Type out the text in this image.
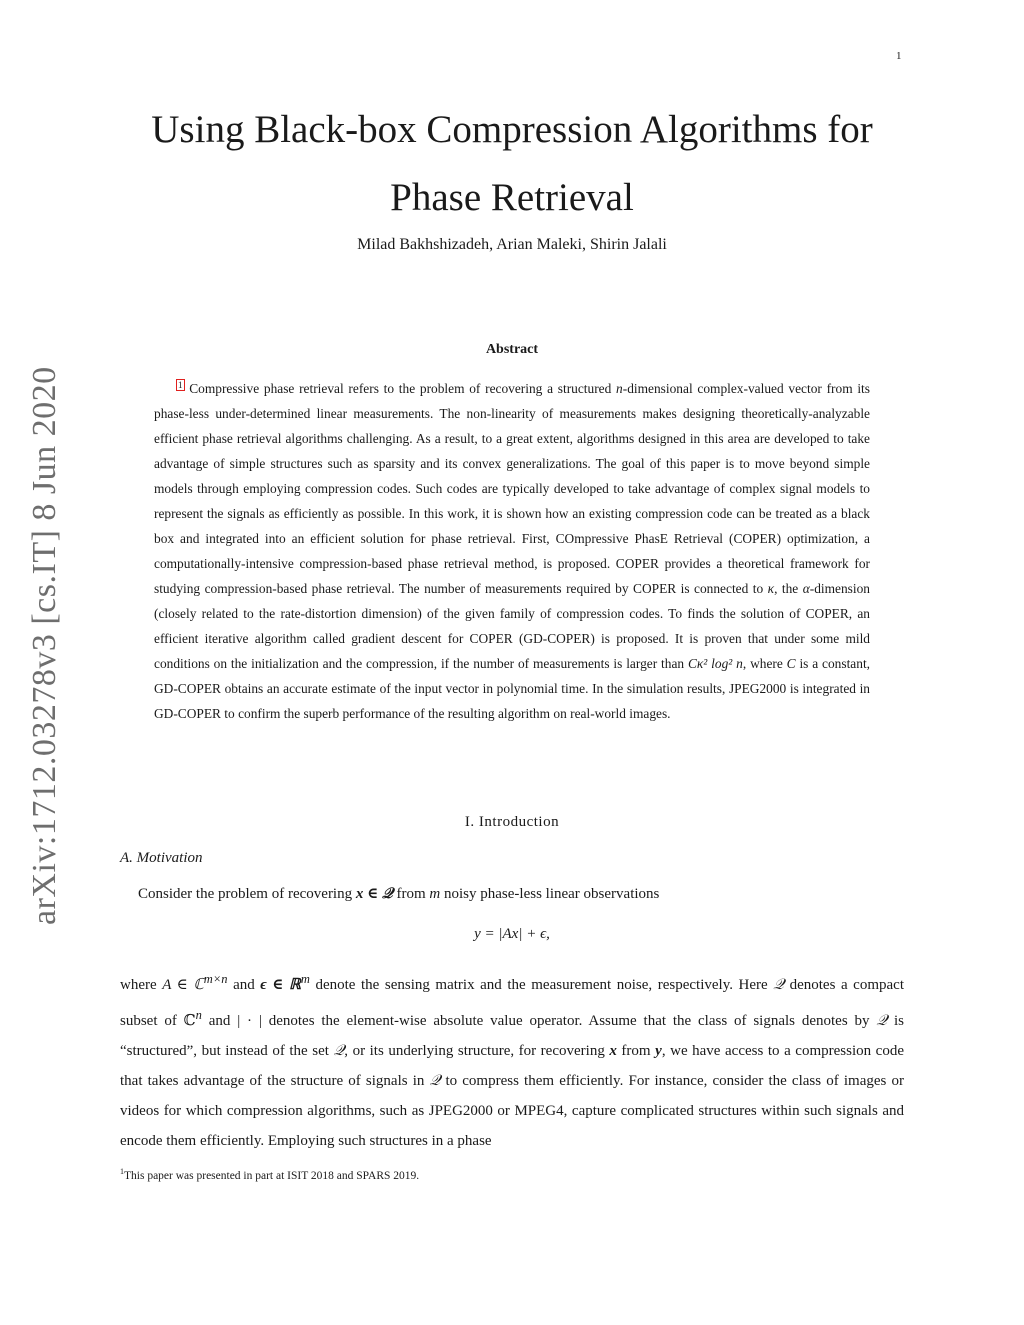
1
arXiv:1712.03278v3 [cs.IT] 8 Jun 2020
Using Black-box Compression Algorithms for
Phase Retrieval

Milad Bakhshizadeh, Arian Maleki, Shirin Jalali

Abstract

1 Compressive phase retrieval refers to the problem of recovering a structured n-dimensional complex-valued vector from its phase-less under-determined linear measurements. The non-linearity of measurements makes designing theoretically-analyzable efficient phase retrieval algorithms challenging. As a result, to a great extent, algorithms designed in this area are developed to take advantage of simple structures such as sparsity and its convex generalizations. The goal of this paper is to move beyond simple models through employing compression codes. Such codes are typically developed to take advantage of complex signal models to represent the signals as efficiently as possible. In this work, it is shown how an existing compression code can be treated as a black box and integrated into an efficient solution for phase retrieval. First, COmpressive PhasE Retrieval (COPER) optimization, a computationally-intensive compression-based phase retrieval method, is proposed. COPER provides a theoretical framework for studying compression-based phase retrieval. The number of measurements required by COPER is connected to κ, the α-dimension (closely related to the rate-distortion dimension) of the given family of compression codes. To finds the solution of COPER, an efficient iterative algorithm called gradient descent for COPER (GD-COPER) is proposed. It is proven that under some mild conditions on the initialization and the compression, if the number of measurements is larger than Cκ² log² n, where C is a constant, GD-COPER obtains an accurate estimate of the input vector in polynomial time. In the simulation results, JPEG2000 is integrated in GD-COPER to confirm the superb performance of the resulting algorithm on real-world images.

I. Introduction
A. Motivation

Consider the problem of recovering x ∈ 𝒬 from m noisy phase-less linear observations

y = |Ax| + ϵ,

where A ∈ ℂ$^{m\times n}$ and ϵ ∈ ℝ$^m$ denote the sensing matrix and the measurement noise, respectively. Here 𝒬 denotes a compact subset of ℂ$^n$ and | · | denotes the element-wise absolute value operator. Assume that the class of signals denotes by 𝒬 is “structured”, but instead of the set 𝒬, or its underlying structure, for recovering x from y, we have access to a compression code that takes advantage of the structure of signals in 𝒬 to compress them efficiently. For instance, consider the class of images or videos for which compression algorithms, such as JPEG2000 or MPEG4, capture complicated structures within such signals and encode them efficiently. Employing such structures in a phase

$^1$This paper was presented in part at ISIT 2018 and SPARS 2019.
